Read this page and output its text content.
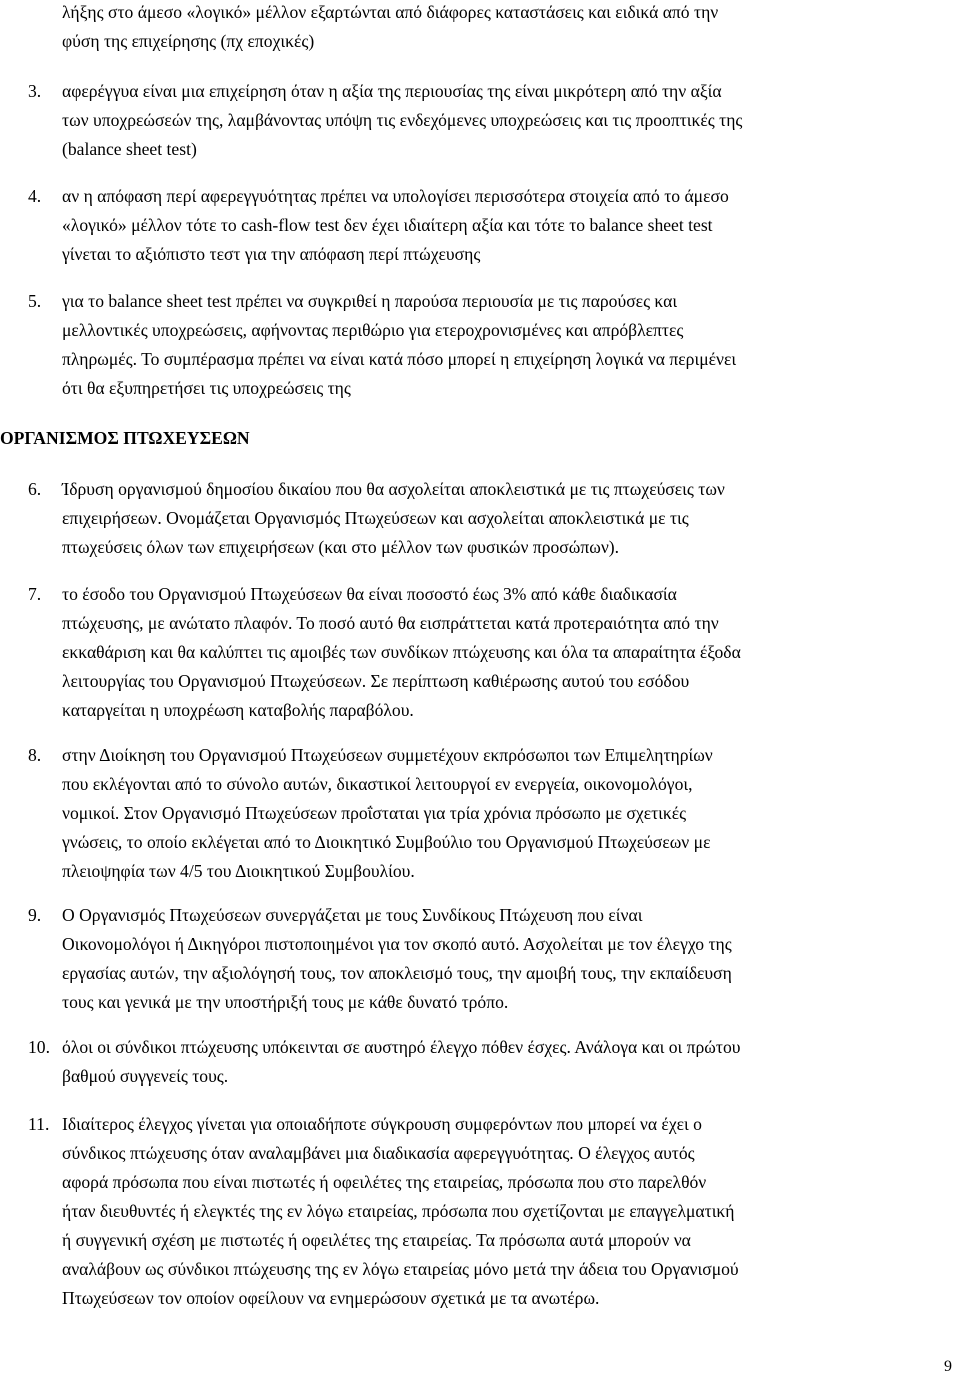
λήξης στο άμεσο «λογικό» μέλλον εξαρτώνται από διάφορες καταστάσεις και ειδικά από την
φύση της επιχείρησης (πχ εποχικές)
3.	αφερέγγυα είναι μια επιχείρηση όταν η αξία της περιουσίας της είναι μικρότερη από την αξία
των υποχρεώσεών της, λαμβάνοντας υπόψη τις ενδεχόμενες υποχρεώσεις και τις προοπτικές της
(balance sheet test)
4.	αν η απόφαση περί αφερεγγυότητας πρέπει να υπολογίσει περισσότερα στοιχεία από το άμεσο
«λογικό» μέλλον τότε το cash-flow test δεν έχει ιδιαίτερη αξία και τότε το balance sheet test
γίνεται το αξιόπιστο τεστ για την απόφαση περί πτώχευσης
5.	για το balance sheet test πρέπει να συγκριθεί η παρούσα περιουσία με τις παρούσες και
μελλοντικές υποχρεώσεις, αφήνοντας περιθώριο για ετεροχρονισμένες και απρόβλεπτες
πληρωμές. Το συμπέρασμα πρέπει να είναι κατά πόσο μπορεί η επιχείρηση λογικά να περιμένει
ότι θα εξυπηρετήσει τις υποχρεώσεις της
ΟΡΓΑΝΙΣΜΟΣ ΠΤΩΧΕΥΣΕΩΝ
6.	Ίδρυση οργανισμού δημοσίου δικαίου που θα ασχολείται αποκλειστικά με τις πτωχεύσεις των
επιχειρήσεων. Ονομάζεται Οργανισμός Πτωχεύσεων και ασχολείται αποκλειστικά με τις
πτωχεύσεις όλων των επιχειρήσεων (και στο μέλλον των φυσικών προσώπων).
7.	το έσοδο του Οργανισμού Πτωχεύσεων θα είναι ποσοστό έως 3% από κάθε διαδικασία
πτώχευσης, με ανώτατο πλαφόν. Το ποσό αυτό θα εισπράττεται κατά προτεραιότητα από την
εκκαθάριση και θα καλύπτει τις αμοιβές των συνδίκων πτώχευσης και όλα τα απαραίτητα έξοδα
λειτουργίας του Οργανισμού Πτωχεύσεων. Σε περίπτωση καθιέρωσης αυτού του εσόδου
καταργείται η υποχρέωση καταβολής παραβόλου.
8.	στην Διοίκηση του Οργανισμού Πτωχεύσεων συμμετέχουν εκπρόσωποι των Επιμελητηρίων
που εκλέγονται από το σύνολο αυτών, δικαστικοί λειτουργοί εν ενεργεία, οικονομολόγοι,
νομικοί. Στον Οργανισμό Πτωχεύσεων προΐσταται για τρία χρόνια πρόσωπο με σχετικές
γνώσεις, το οποίο εκλέγεται από το Διοικητικό Συμβούλιο του Οργανισμού Πτωχεύσεων με
πλειοψηφία των 4/5 του Διοικητικού Συμβουλίου.
9.	Ο Οργανισμός Πτωχεύσεων συνεργάζεται με τους Συνδίκους Πτώχευση που είναι
Οικονομολόγοι ή Δικηγόροι πιστοποιημένοι για τον σκοπό αυτό. Ασχολείται με τον έλεγχο της
εργασίας αυτών, την αξιολόγησή τους, τον αποκλεισμό τους, την αμοιβή τους, την εκπαίδευση
τους και γενικά με την υποστήριξή τους με κάθε δυνατό τρόπο.
10. όλοι οι σύνδικοι πτώχευσης υπόκεινται σε αυστηρό έλεγχο πόθεν έσχες. Ανάλογα και οι πρώτου
βαθμού συγγενείς τους.
11. Ιδιαίτερος έλεγχος γίνεται για οποιαδήποτε σύγκρουση συμφερόντων που μπορεί να έχει ο
σύνδικος πτώχευσης όταν αναλαμβάνει μια διαδικασία αφερεγγυότητας. Ο έλεγχος αυτός
αφορά πρόσωπα που είναι πιστωτές ή οφειλέτες της εταιρείας, πρόσωπα που στο παρελθόν
ήταν διευθυντές ή ελεγκτές της εν λόγω εταιρείας, πρόσωπα που σχετίζονται με επαγγελματική
ή συγγενική σχέση με πιστωτές ή οφειλέτες της εταιρείας. Τα πρόσωπα αυτά μπορούν να
αναλάβουν ως σύνδικοι πτώχευσης της εν λόγω εταιρείας μόνο μετά την άδεια του Οργανισμού
Πτωχεύσεων τον οποίον οφείλουν να ενημερώσουν σχετικά με τα ανωτέρω.

9
